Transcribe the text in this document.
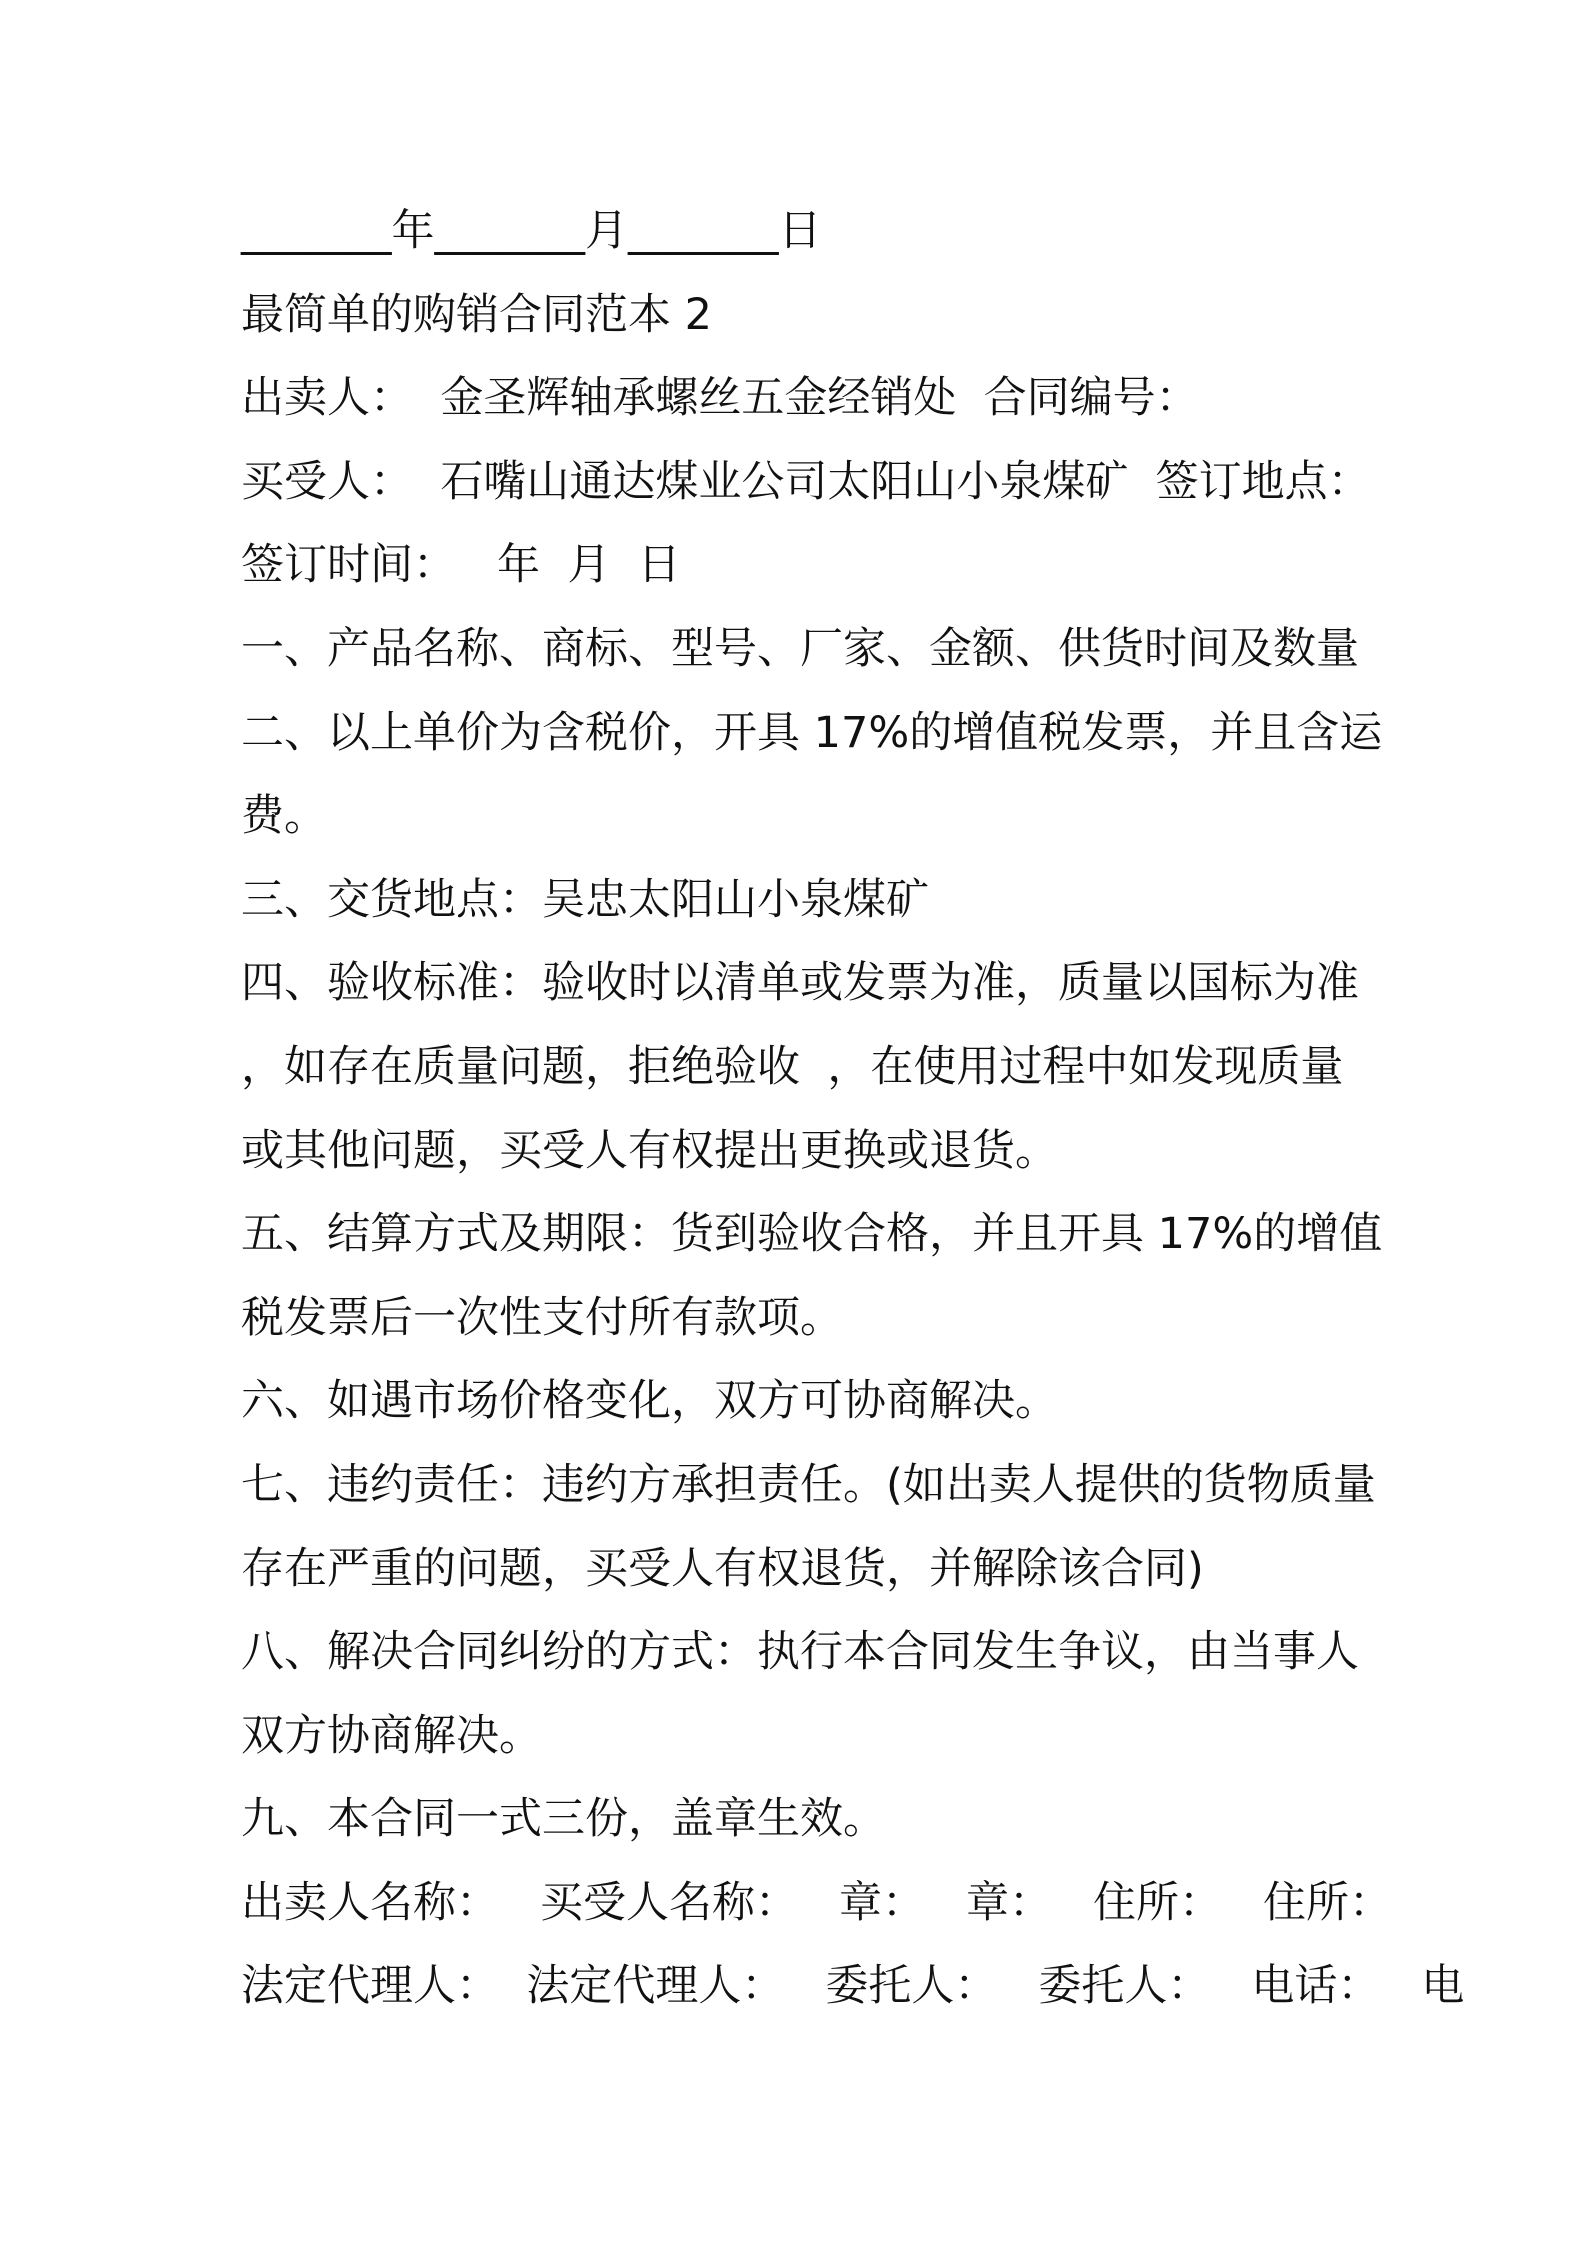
_______年_______月_______日

最简单的购销合同范本 2

出卖人：  金圣辉轴承螺丝五金经销处  合同编号：

买受人：  石嘴山通达煤业公司太阳山小泉煤矿  签订地点：

签订时间：   年  月  日

一、产品名称、商标、型号、厂家、金额、供货时间及数量

二、以上单价为含税价，开具 17%的增值税发票，并且含运

费。

三、交货地点：吴忠太阳山小泉煤矿

四、验收标准：验收时以清单或发票为准，质量以国标为准

，如存在质量问题，拒绝验收  ，在使用过程中如发现质量

或其他问题，买受人有权提出更换或退货。

五、结算方式及期限：货到验收合格，并且开具 17%的增值

税发票后一次性支付所有款项。

六、如遇市场价格变化，双方可协商解决。

七、违约责任：违约方承担责任。(如出卖人提供的货物质量

存在严重的问题，买受人有权退货，并解除该合同)

八、解决合同纠纷的方式：执行本合同发生争议，由当事人

双方协商解决。

九、本合同一式三份，盖章生效。

出卖人名称：   买受人名称：   章：   章：   住所：   住所：

法定代理人：  法定代理人：   委托人：   委托人：   电话：   电
